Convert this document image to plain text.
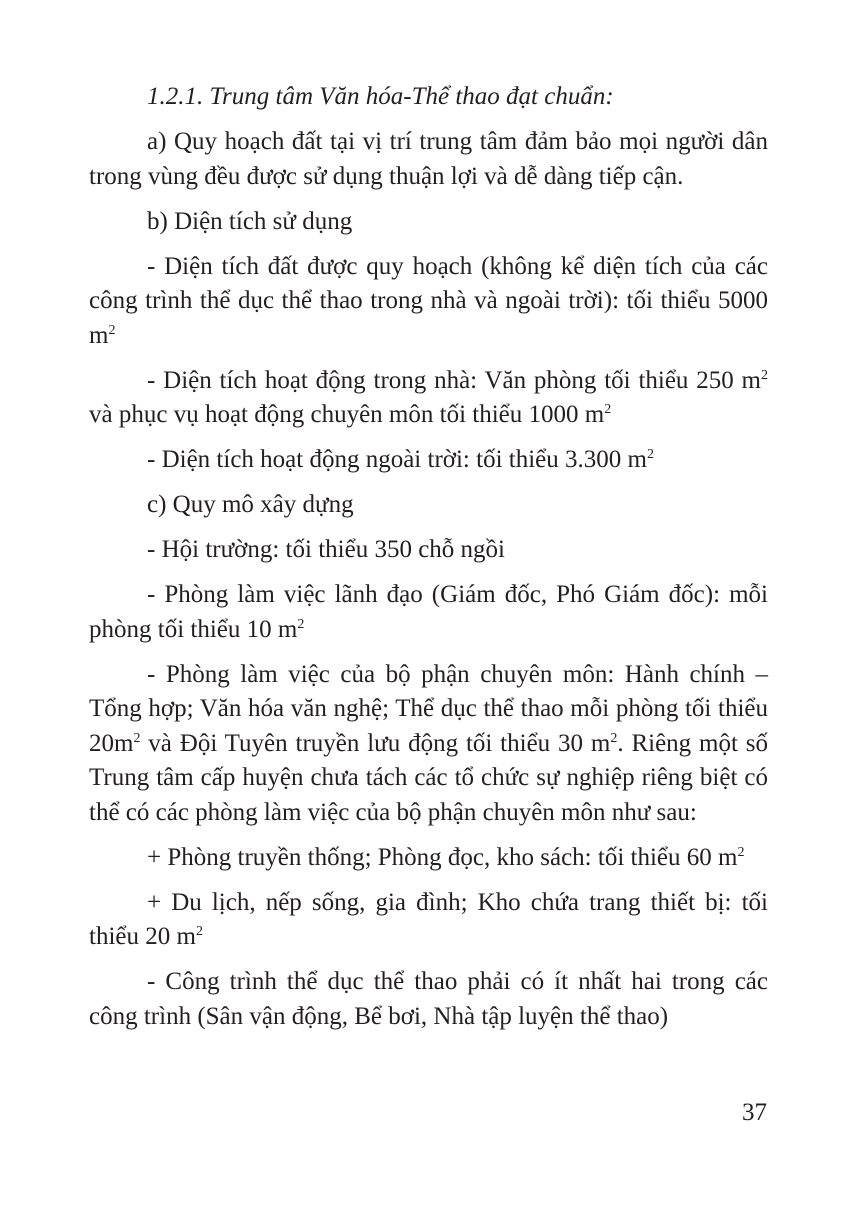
1.2.1. Trung tâm Văn hóa-Thể thao đạt chuẩn:

a) Quy hoạch đất tại vị trí trung tâm đảm bảo mọi người dân trong vùng đều được sử dụng thuận lợi và dễ dàng tiếp cận.

b) Diện tích sử dụng

- Diện tích đất được quy hoạch (không kể diện tích của các công trình thể dục thể thao trong nhà và ngoài trời): tối thiểu 5000 $m^2$

- Diện tích hoạt động trong nhà: Văn phòng tối thiểu 250 $m^2$ và phục vụ hoạt động chuyên môn tối thiểu 1000 $m^2$

- Diện tích hoạt động ngoài trời: tối thiểu 3.300 $m^2$

c) Quy mô xây dựng

- Hội trường: tối thiểu 350 chỗ ngồi

- Phòng làm việc lãnh đạo (Giám đốc, Phó Giám đốc): mỗi phòng tối thiểu 10 $m^2$

- Phòng làm việc của bộ phận chuyên môn: Hành chính –Tổng hợp; Văn hóa văn nghệ; Thể dục thể thao mỗi phòng tối thiểu $20m^2$ và Đội Tuyên truyền lưu động tối thiểu 30 $m^2$. Riêng một số Trung tâm cấp huyện chưa tách các tổ chức sự nghiệp riêng biệt có thể có các phòng làm việc của bộ phận chuyên môn như sau:

+ Phòng truyền thống; Phòng đọc, kho sách: tối thiểu 60 $m^2$

+ Du lịch, nếp sống, gia đình; Kho chứa trang thiết bị: tối thiểu 20 $m^2$

- Công trình thể dục thể thao phải có ít nhất hai trong các công trình (Sân vận động, Bể bơi, Nhà tập luyện thể thao)

37
